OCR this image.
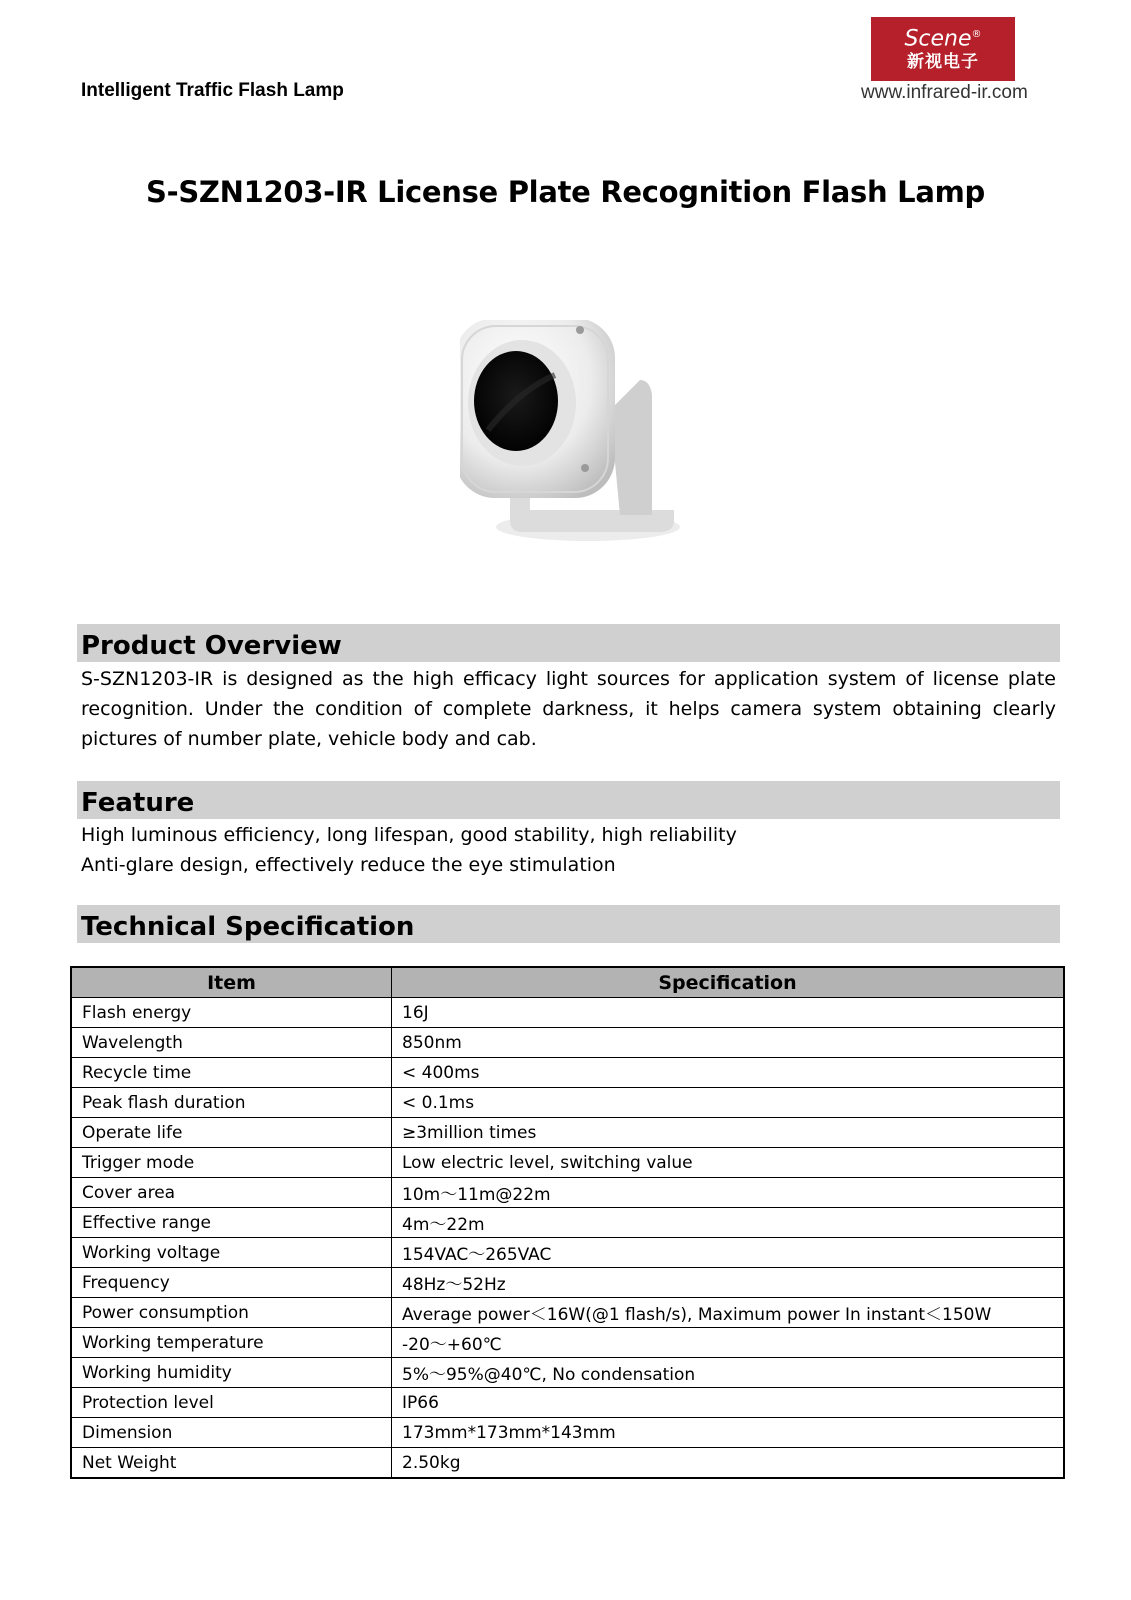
Intelligent Traffic Flash Lamp
Scene®
新视电子
www.infrared-ir.com
S-SZN1203-IR License Plate Recognition Flash Lamp
Product Overview
S-SZN1203-IR is designed as the high efficacy light sources for application system of license plate recognition. Under the condition of complete darkness, it helps camera system obtaining clearly pictures of number plate, vehicle body and cab.
Feature
High luminous efficiency, long lifespan, good stability, high reliability
Anti-glare design, effectively reduce the eye stimulation
Technical Specification
Item	Specification
Flash energy	16J
Wavelength	850nm
Recycle time	< 400ms
Peak flash duration	< 0.1ms
Operate life	≥3million times
Trigger mode	Low electric level, switching value
Cover area	10m～11m@22m
Effective range	4m～22m
Working voltage	154VAC～265VAC
Frequency	48Hz～52Hz
Power consumption	Average power＜16W(@1 flash/s), Maximum power In instant＜150W
Working temperature	-20～+60℃
Working humidity	5%～95%@40℃, No condensation
Protection level	IP66
Dimension	173mm*173mm*143mm
Net Weight	2.50kg
